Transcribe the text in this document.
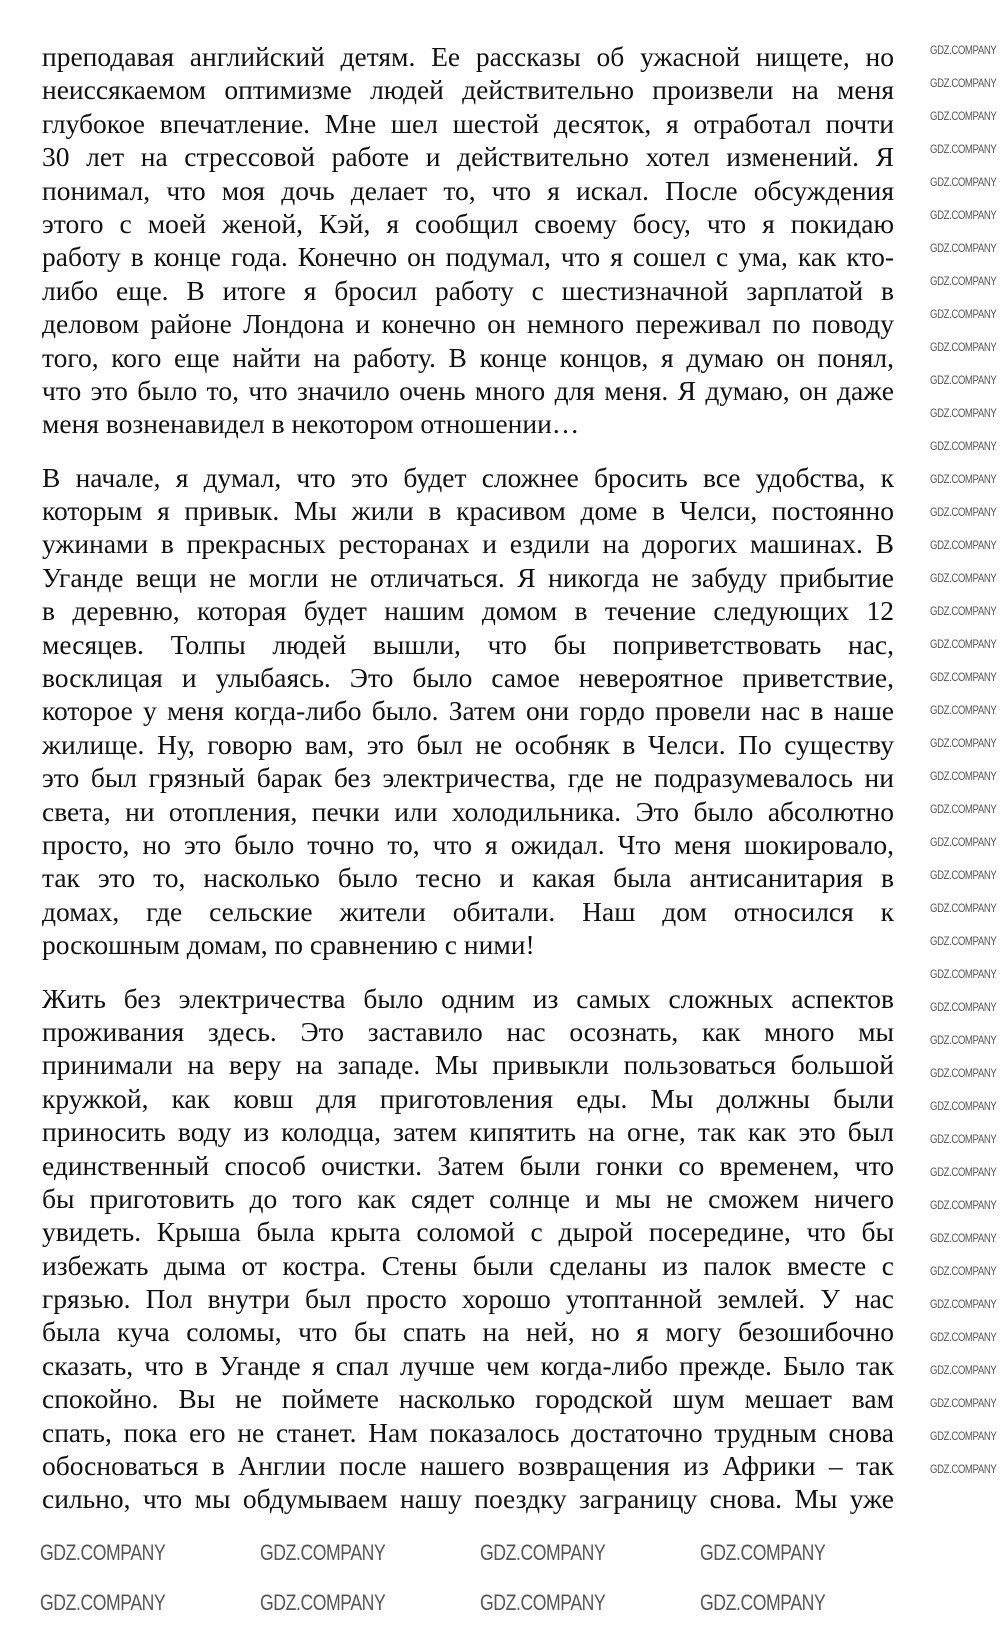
преподавая английский детям. Ее рассказы об ужасной нищете, но
неиссякаемом оптимизме людей действительно произвели на меня
глубокое впечатление. Мне шел шестой десяток, я отработал почти
30 лет на стрессовой работе и действительно хотел изменений. Я
понимал, что моя дочь делает то, что я искал. После обсуждения
этого с моей женой, Кэй, я сообщил своему босу, что я покидаю
работу в конце года. Конечно он подумал, что я сошел с ума, как кто-
либо еще. В итоге я бросил работу с шестизначной зарплатой в
деловом районе Лондона и конечно он немного переживал по поводу
того, кого еще найти на работу. В конце концов, я думаю он понял,
что это было то, что значило очень много для меня. Я думаю, он даже
меня возненавидел в некотором отношении…

В начале, я думал, что это будет сложнее бросить все удобства, к
которым я привык. Мы жили в красивом доме в Челси, постоянно
ужинами в прекрасных ресторанах и ездили на дорогих машинах. В
Уганде вещи не могли не отличаться. Я никогда не забуду прибытие
в деревню, которая будет нашим домом в течение следующих 12
месяцев. Толпы людей вышли, что бы поприветствовать нас,
восклицая и улыбаясь. Это было самое невероятное приветствие,
которое у меня когда-либо было. Затем они гордо провели нас в наше
жилище. Ну, говорю вам, это был не особняк в Челси. По существу
это был грязный барак без электричества, где не подразумевалось ни
света, ни отопления, печки или холодильника. Это было абсолютно
просто, но это было точно то, что я ожидал. Что меня шокировало,
так это то, насколько было тесно и какая была антисанитария в
домах, где сельские жители обитали. Наш дом относился к
роскошным домам, по сравнению с ними!

Жить без электричества было одним из самых сложных аспектов
проживания здесь. Это заставило нас осознать, как много мы
принимали на веру на западе. Мы привыкли пользоваться большой
кружкой, как ковш для приготовления еды. Мы должны были
приносить воду из колодца, затем кипятить на огне, так как это был
единственный способ очистки. Затем были гонки со временем, что
бы приготовить до того как сядет солнце и мы не сможем ничего
увидеть. Крыша была крыта соломой с дырой посередине, что бы
избежать дыма от костра. Стены были сделаны из палок вместе с
грязью. Пол внутри был просто хорошо утоптанной землей. У нас
была куча соломы, что бы спать на ней, но я могу безошибочно
сказать, что в Уганде я спал лучше чем когда-либо прежде. Было так
спокойно. Вы не поймете насколько городской шум мешает вам
спать, пока его не станет. Нам показалось достаточно трудным снова
обосноваться в Англии после нашего возвращения из Африки – так
сильно, что мы обдумываем нашу поездку заграницу снова. Мы уже

GDZ.COMPANY
GDZ.COMPANY
GDZ.COMPANY
GDZ.COMPANY
GDZ.COMPANY
GDZ.COMPANY
GDZ.COMPANY
GDZ.COMPANY
GDZ.COMPANY
GDZ.COMPANY
GDZ.COMPANY
GDZ.COMPANY
GDZ.COMPANY
GDZ.COMPANY
GDZ.COMPANY
GDZ.COMPANY
GDZ.COMPANY
GDZ.COMPANY
GDZ.COMPANY
GDZ.COMPANY
GDZ.COMPANY
GDZ.COMPANY
GDZ.COMPANY
GDZ.COMPANY
GDZ.COMPANY
GDZ.COMPANY
GDZ.COMPANY
GDZ.COMPANY
GDZ.COMPANY
GDZ.COMPANY
GDZ.COMPANY
GDZ.COMPANY
GDZ.COMPANY
GDZ.COMPANY
GDZ.COMPANY
GDZ.COMPANY
GDZ.COMPANY
GDZ.COMPANY
GDZ.COMPANY
GDZ.COMPANY
GDZ.COMPANY
GDZ.COMPANY
GDZ.COMPANY
GDZ.COMPANY
GDZ.COMPANY	GDZ.COMPANY	GDZ.COMPANY	GDZ.COMPANY
GDZ.COMPANY	GDZ.COMPANY	GDZ.COMPANY	GDZ.COMPANY
